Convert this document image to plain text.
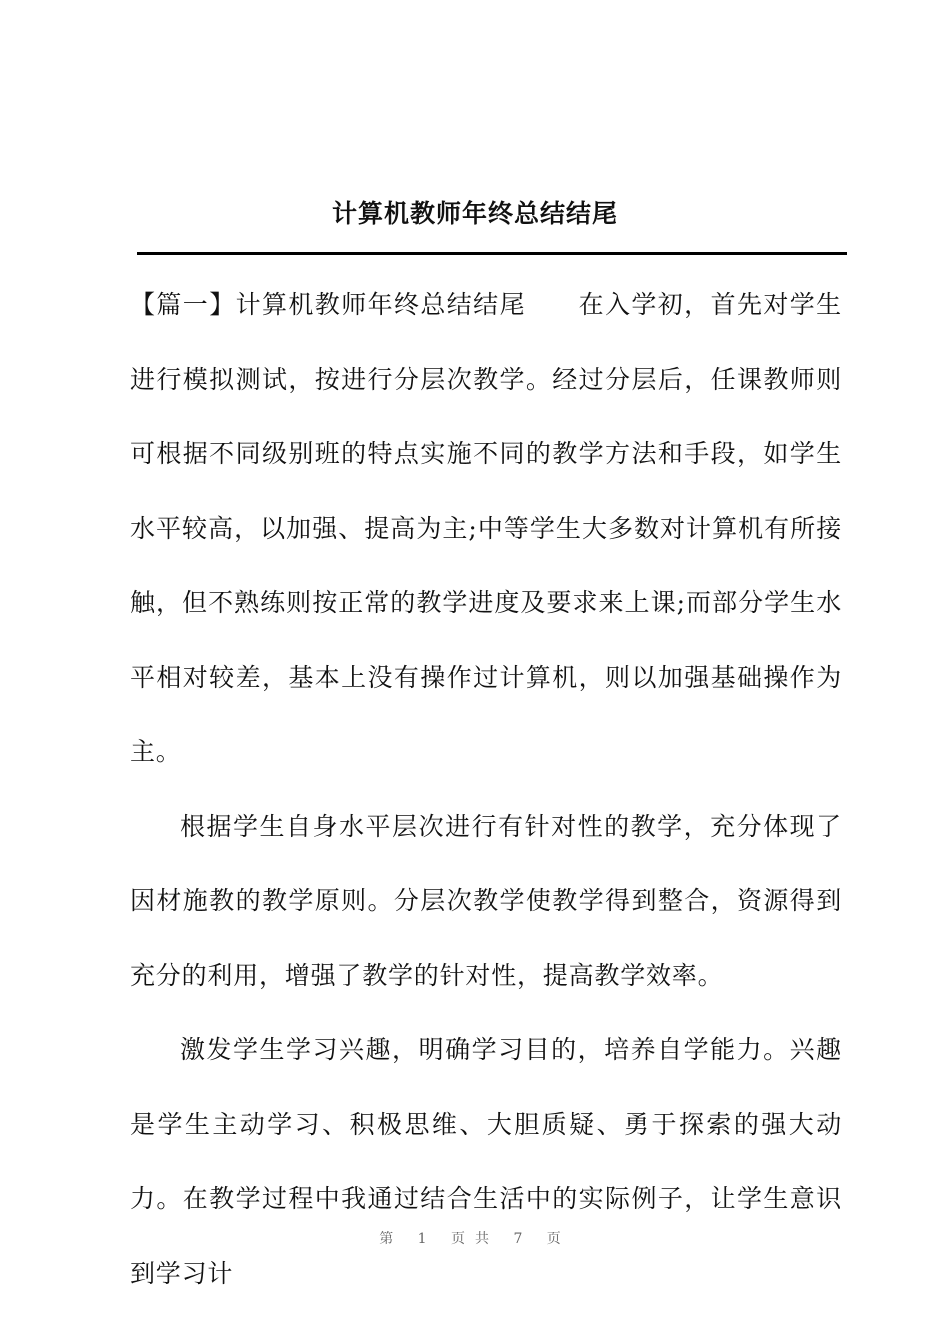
计算机教师年终总结结尾

【篇一】计算机教师年终总结结尾 在入学初，首先对学生进行模拟测试，按进行分层次教学。经过分层后，任课教师则可根据不同级别班的特点实施不同的教学方法和手段，如学生水平较高，以加强、提高为主;中等学生大多数对计算机有所接触，但不熟练则按正常的教学进度及要求来上课;而部分学生水平相对较差，基本上没有操作过计算机，则以加强基础操作为主。

根据学生自身水平层次进行有针对性的教学，充分体现了因材施教的教学原则。分层次教学使教学得到整合，资源得到充分的利用，增强了教学的针对性，提高教学效率。

激发学生学习兴趣，明确学习目的，培养自学能力。兴趣是学生主动学习、积极思维、大胆质疑、勇于探索的强大动力。在教学过程中我通过结合生活中的实际例子，让学生意识到学习计

第 1 页共 7 页
